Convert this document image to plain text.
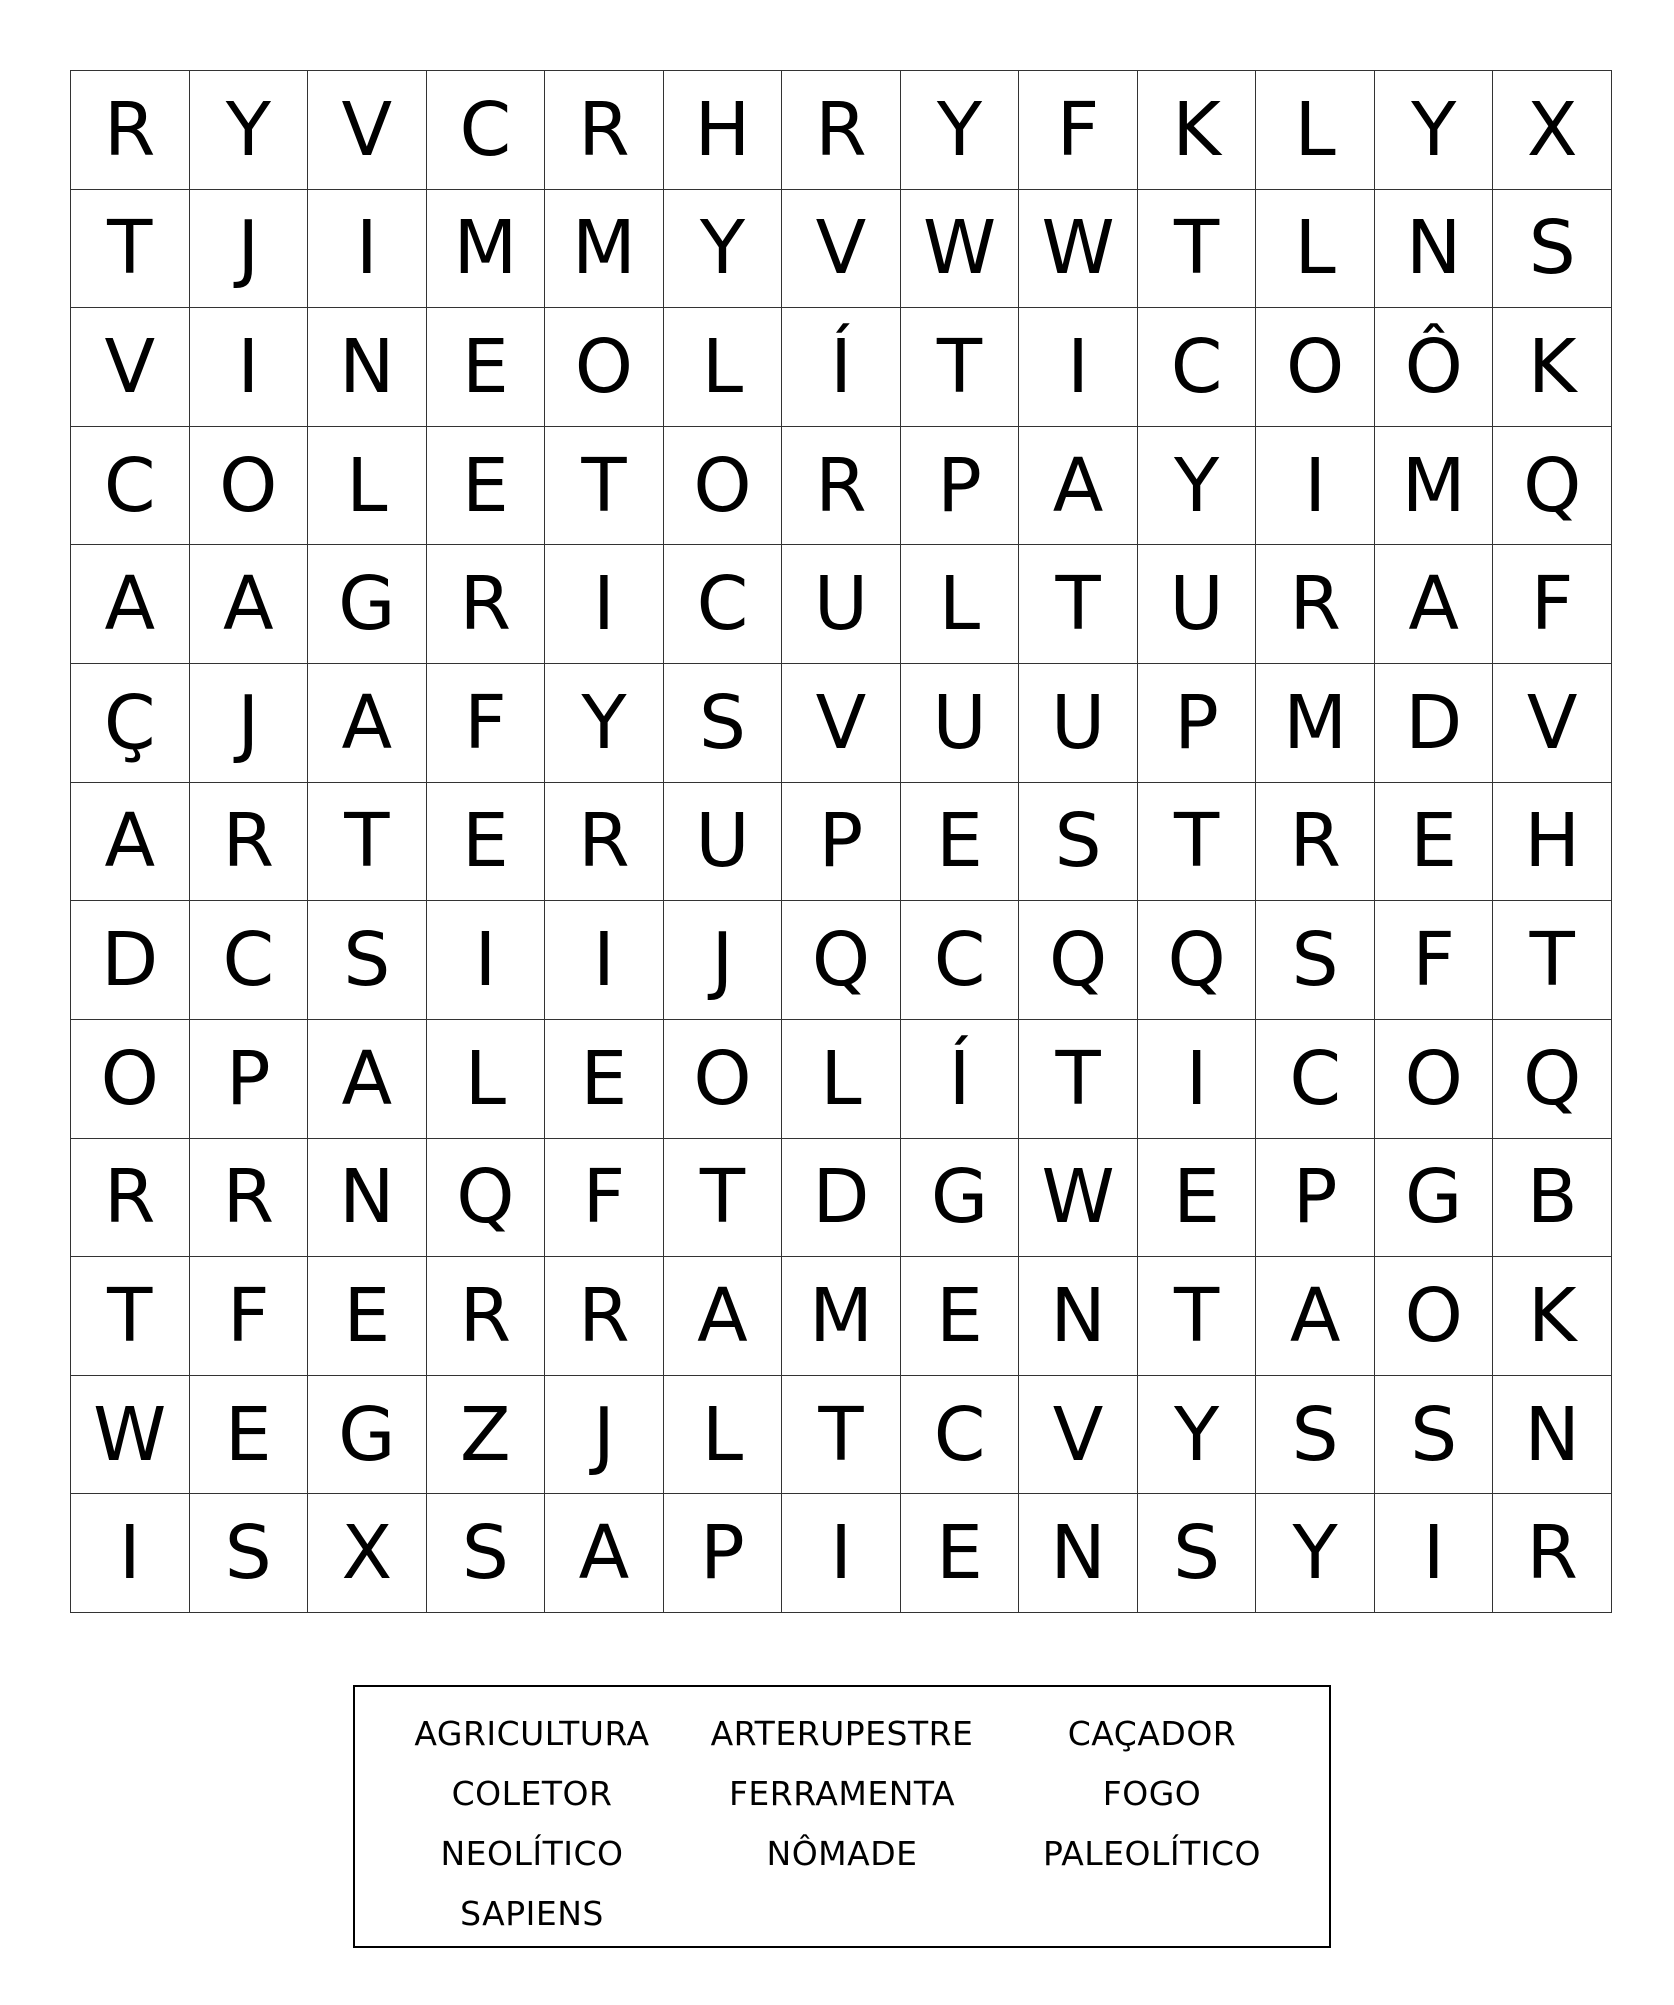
R Y V C R H R Y	F K L	Y X
T	J	I	M M Y V W W T	L N S
V	I	N E O L	Í	T	I	C O Ô K
C O L	E T O R P A Y	I	M Q
A A G R	I	C U L	T U R A F
Ç	J	A F	Y S V U U P M D V
A R T E R U P E S T R E H
D C S	I	I	J	Q C Q Q S F	T
O P A L	E O L	Í	T	I	C O Q
R R N Q F	T D G W E P G B
T	F E R R A M E N T A O K
W E G Z	J	L	T C V Y S S N
I	S X S A P	I	E N S Y	I	R
AGRICULTURA	ARTERUPESTRE	CAÇADOR
COLETOR	FERRAMENTA	FOGO
NEOLÍTICO	NÔMADE	PALEOLÍTICO
SAPIENS
